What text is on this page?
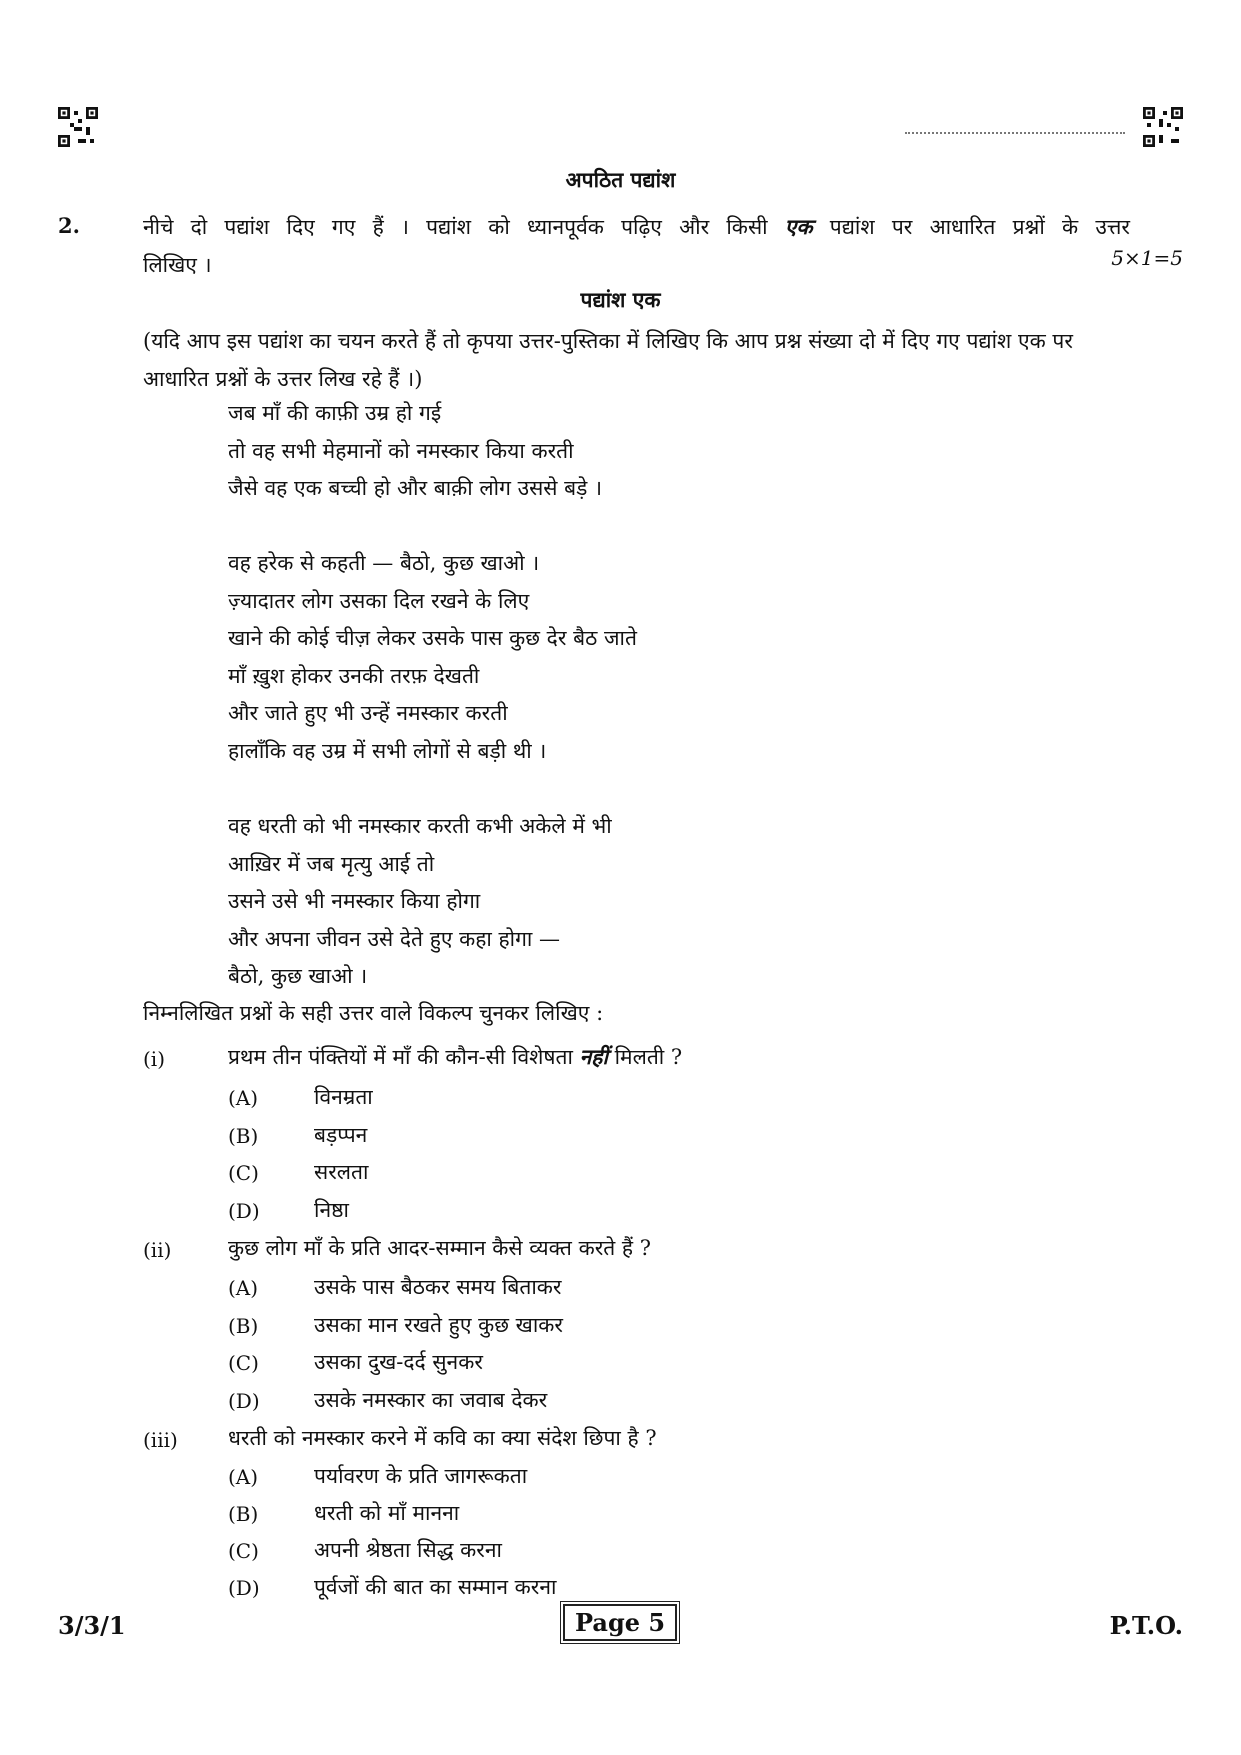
अपठित पद्यांश
2.	नीचे दो पद्यांश दिए गए हैं । पद्यांश को ध्यानपूर्वक पढ़िए और किसी एक पद्यांश पर आधारित प्रश्नों के उत्तर
लिखिए ।	5×1=5
पद्यांश एक
(यदि आप इस पद्यांश का चयन करते हैं तो कृपया उत्तर-पुस्तिका में लिखिए कि आप प्रश्न संख्या दो में दिए गए पद्यांश एक पर आधारित प्रश्नों के उत्तर लिख रहे हैं ।)
जब माँ की काफ़ी उम्र हो गई
तो वह सभी मेहमानों को नमस्कार किया करती
जैसे वह एक बच्ची हो और बाक़ी लोग उससे बड़े ।
वह हरेक से कहती — बैठो, कुछ खाओ ।
ज़्यादातर लोग उसका दिल रखने के लिए
खाने की कोई चीज़ लेकर उसके पास कुछ देर बैठ जाते
माँ ख़ुश होकर उनकी तरफ़ देखती
और जाते हुए भी उन्हें नमस्कार करती
हालाँकि वह उम्र में सभी लोगों से बड़ी थी ।
वह धरती को भी नमस्कार करती कभी अकेले में भी
आख़िर में जब मृत्यु आई तो
उसने उसे भी नमस्कार किया होगा
और अपना जीवन उसे देते हुए कहा होगा —
बैठो, कुछ खाओ ।
निम्नलिखित प्रश्नों के सही उत्तर वाले विकल्प चुनकर लिखिए :
(i)	प्रथम तीन पंक्तियों में माँ की कौन-सी विशेषता नहीं मिलती ?
(A)	विनम्रता
(B)	बड़प्पन
(C)	सरलता
(D)	निष्ठा
(ii)	कुछ लोग माँ के प्रति आदर-सम्मान कैसे व्यक्त करते हैं ?
(A)	उसके पास बैठकर समय बिताकर
(B)	उसका मान रखते हुए कुछ खाकर
(C)	उसका दुख-दर्द सुनकर
(D)	उसके नमस्कार का जवाब देकर
(iii) धरती को नमस्कार करने में कवि का क्या संदेश छिपा है ?
(A)	पर्यावरण के प्रति जागरूकता
(B)	धरती को माँ मानना
(C)	अपनी श्रेष्ठता सिद्ध करना
(D)	पूर्वजों की बात का सम्मान करना
3/3/1	Page 5	P.T.O.
